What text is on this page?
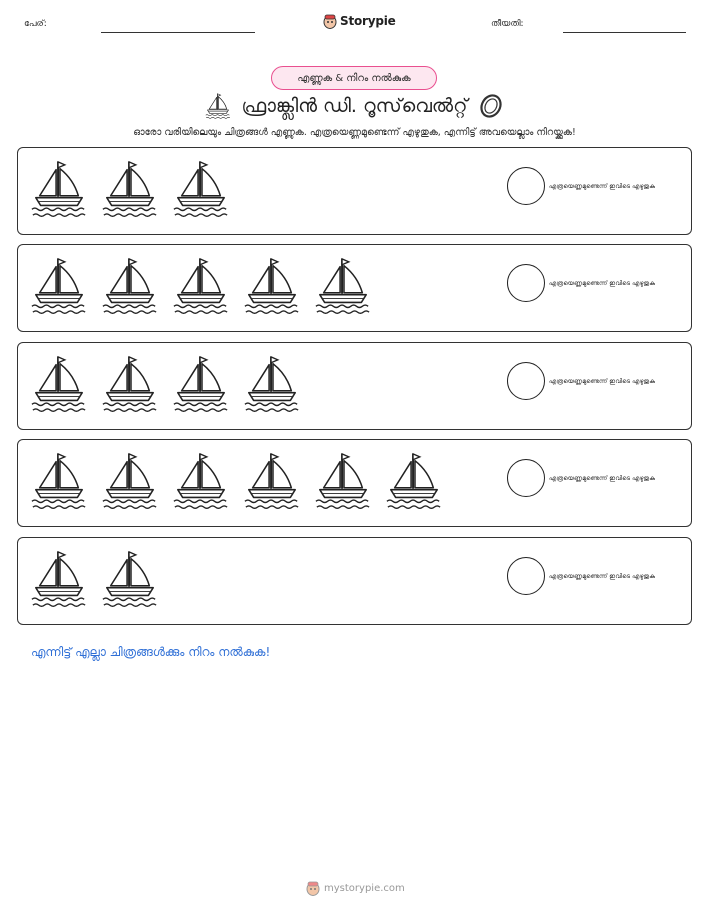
പേര്:	Storypie	തീയതി:
എണ്ണുക & നിറം നൽകുക
ഫ്രാങ്ക്ലിൻ ഡി. റൂസ്‌വെൽറ്റ്
ഓരോ വരിയിലെയും ചിത്രങ്ങൾ എണ്ണുക. എത്രയെണ്ണമുണ്ടെന്ന് എഴുതുക, എന്നിട്ട് അവയെല്ലാം നിറയ്ക്കുക!
എത്രയെണ്ണമുണ്ടെന്ന് ഇവിടെ എഴുതുക
എത്രയെണ്ണമുണ്ടെന്ന് ഇവിടെ എഴുതുക
എത്രയെണ്ണമുണ്ടെന്ന് ഇവിടെ എഴുതുക
എത്രയെണ്ണമുണ്ടെന്ന് ഇവിടെ എഴുതുക
എത്രയെണ്ണമുണ്ടെന്ന് ഇവിടെ എഴുതുക
എന്നിട്ട് എല്ലാ ചിത്രങ്ങൾക്കും നിറം നൽകുക!
mystorypie.com
